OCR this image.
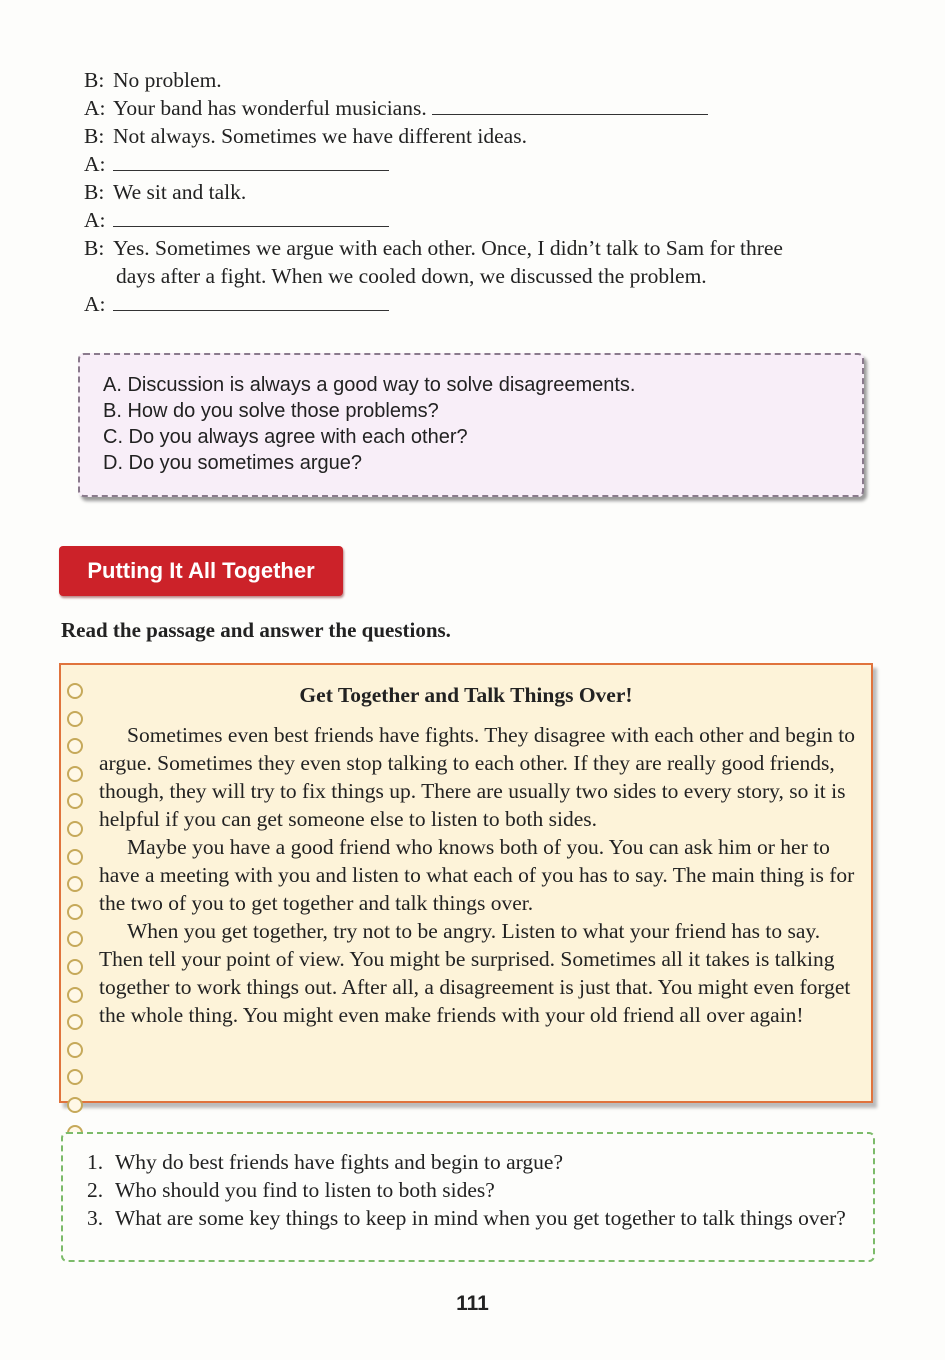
B: No problem.
A: Your band has wonderful musicians.
B: Not always. Sometimes we have different ideas.
A:
B: We sit and talk.
A:
B: Yes. Sometimes we argue with each other. Once, I didn’t talk to Sam for three
days after a fight. When we cooled down, we discussed the problem.
A:
A. Discussion is always a good way to solve disagreements.
B. How do you solve those problems?
C. Do you always agree with each other?
D. Do you sometimes argue?
Putting It All Together
Read the passage and answer the questions.
Get Together and Talk Things Over!

Sometimes even best friends have fights. They disagree with each other and begin to argue. Sometimes they even stop talking to each other. If they are really good friends, though, they will try to fix things up. There are usually two sides to every story, so it is helpful if you can get someone else to listen to both sides.

Maybe you have a good friend who knows both of you. You can ask him or her to have a meeting with you and listen to what each of you has to say. The main thing is for the two of you to get together and talk things over.

When you get together, try not to be angry. Listen to what your friend has to say. Then tell your point of view. You might be surprised. Sometimes all it takes is talking together to work things out. After all, a disagreement is just that. You might even forget the whole thing. You might even make friends with your old friend all over again!

1. Why do best friends have fights and begin to argue?
2. Who should you find to listen to both sides?
3. What are some key things to keep in mind when you get together to talk things over?
111
